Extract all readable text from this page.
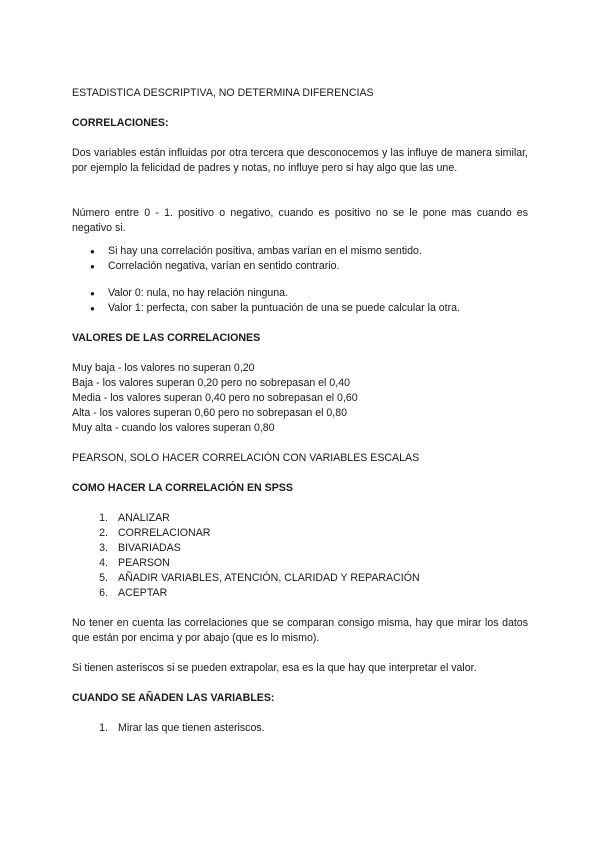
ESTADISTICA DESCRIPTIVA, NO DETERMINA DIFERENCIAS

CORRELACIONES:

Dos variables están influidas por otra tercera que desconocemos y las influye de manera similar, por ejemplo la felicidad de padres y notas, no influye pero si hay algo que las une.

Número entre 0 - 1. positivo o negativo, cuando es positivo no se le pone mas cuando es negativo si.

● Si hay una correlación positiva, ambas varían en el mismo sentido.
● Correlación negativa, varían en sentido contrario.
● Valor 0: nula, no hay relación ninguna.
● Valor 1: perfecta, con saber la puntuación de una se puede calcular la otra.

VALORES DE LAS CORRELACIONES

Muy baja - los valores no superan 0,20

Baja - los valores superan 0,20 pero no sobrepasan el 0,40

Media - los valores superan 0,40 pero no sobrepasan el 0,60

Alta - los valores superan 0,60 pero no sobrepasan el 0,80

Muy alta - cuando los valores superan 0,80

PEARSON, SOLO HACER CORRELACIÓN CON VARIABLES ESCALAS

COMO HACER LA CORRELACIÓN EN SPSS

1. ANALIZAR
2. CORRELACIONAR
3. BIVARIADAS
4. PEARSON
5. AÑADIR VARIABLES, ATENCIÓN, CLARIDAD Y REPARACIÓN
6. ACEPTAR

No tener en cuenta las correlaciones que se comparan consigo misma, hay que mirar los datos que están por encima y por abajo (que es lo mismo).

Si tienen asteriscos si se pueden extrapolar, esa es la que hay que interpretar el valor.

CUANDO SE AÑADEN LAS VARIABLES:

1. Mirar las que tienen asteriscos.
